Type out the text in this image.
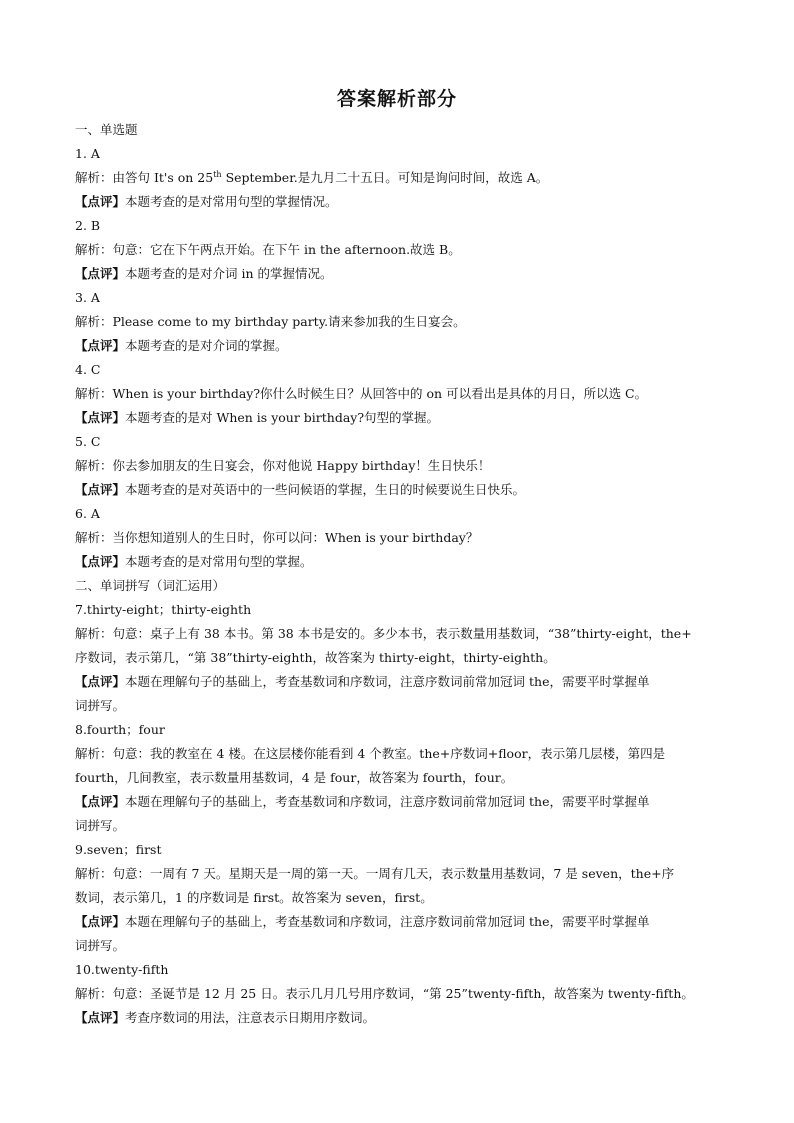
答案解析部分
一、单选题
1. A
解析：由答句 It's on 25th September.是九月二十五日。可知是询问时间，故选 A。
【点评】本题考查的是对常用句型的掌握情况。
2. B
解析：句意：它在下午两点开始。在下午 in the afternoon.故选 B。
【点评】本题考查的是对介词 in 的掌握情况。
3. A
解析：Please come to my birthday party.请来参加我的生日宴会。
【点评】本题考查的是对介词的掌握。
4. C
解析：When is your birthday?你什么时候生日？从回答中的 on 可以看出是具体的月日，所以选 C。
【点评】本题考查的是对 When is your birthday?句型的掌握。
5. C
解析：你去参加朋友的生日宴会，你对他说 Happy birthday！生日快乐！
【点评】本题考查的是对英语中的一些问候语的掌握，生日的时候要说生日快乐。
6. A
解析：当你想知道别人的生日时，你可以问：When is your birthday？
【点评】本题考查的是对常用句型的掌握。
二、单词拼写（词汇运用）
7.thirty-eight；thirty-eighth
解析：句意：桌子上有 38 本书。第 38 本书是安的。多少本书，表示数量用基数词，“38”thirty-eight，the+
序数词，表示第几，“第 38”thirty-eighth，故答案为 thirty-eight，thirty-eighth。
【点评】本题在理解句子的基础上，考查基数词和序数词，注意序数词前常加冠词 the，需要平时掌握单
词拼写。
8.fourth；four
解析：句意：我的教室在 4 楼。在这层楼你能看到 4 个教室。the+序数词+floor，表示第几层楼，第四是
fourth，几间教室，表示数量用基数词，4 是 four，故答案为 fourth，four。
【点评】本题在理解句子的基础上，考查基数词和序数词，注意序数词前常加冠词 the，需要平时掌握单
词拼写。
9.seven；first
解析：句意：一周有 7 天。星期天是一周的第一天。一周有几天，表示数量用基数词，7 是 seven，the+序
数词，表示第几，1 的序数词是 first。故答案为 seven，first。
【点评】本题在理解句子的基础上，考查基数词和序数词，注意序数词前常加冠词 the，需要平时掌握单
词拼写。
10.twenty-fifth
解析：句意：圣诞节是 12 月 25 日。表示几月几号用序数词，“第 25”twenty-fifth，故答案为 twenty-fifth。
【点评】考查序数词的用法，注意表示日期用序数词。
